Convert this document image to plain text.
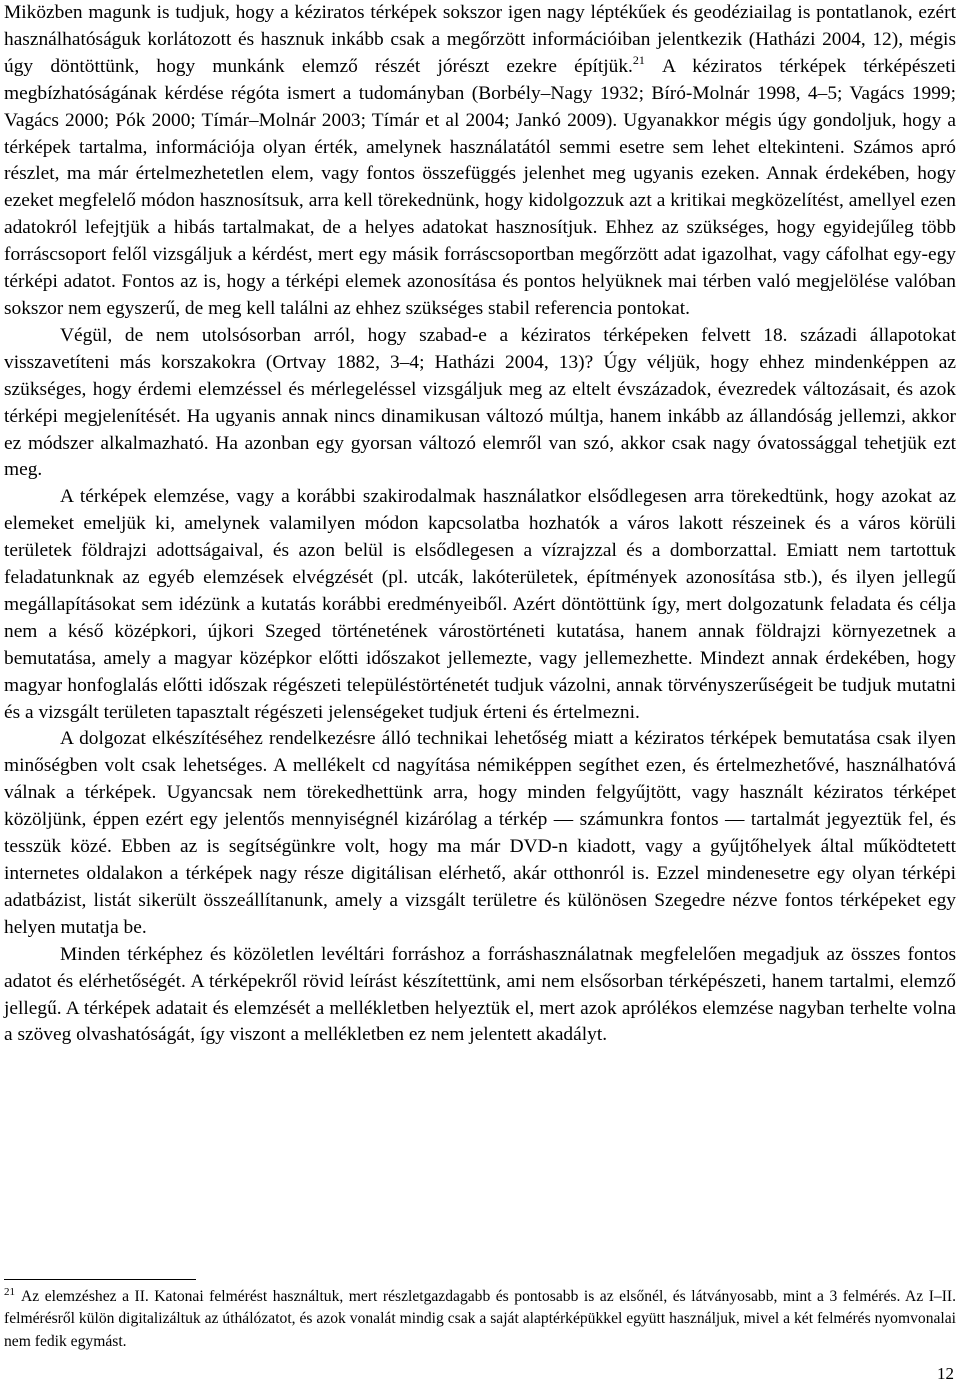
Miközben magunk is tudjuk, hogy a kéziratos térképek sokszor igen nagy léptékűek és geodéziailag is pontatlanok, ezért használhatóságuk korlátozott és hasznuk inkább csak a megőrzött információiban jelentkezik (Hatházi 2004, 12), mégis úgy döntöttünk, hogy munkánk elemző részét jórészt ezekre építjük.$^{21}$ A kéziratos térképek térképészeti megbízhatóságának kérdése régóta ismert a tudományban (Borbély–Nagy 1932; Bíró-Molnár 1998, 4–5; Vagács 1999; Vagács 2000; Pók 2000; Tímár–Molnár 2003; Tímár et al 2004; Jankó 2009). Ugyanakkor mégis úgy gondoljuk, hogy a térképek tartalma, információja olyan érték, amelynek használatától semmi esetre sem lehet eltekinteni. Számos apró részlet, ma már értelmezhetetlen elem, vagy fontos összefüggés jelenhet meg ugyanis ezeken. Annak érdekében, hogy ezeket megfelelő módon hasznosítsuk, arra kell törekednünk, hogy kidolgozzuk azt a kritikai megközelítést, amellyel ezen adatokról lefejtjük a hibás tartalmakat, de a helyes adatokat hasznosítjuk. Ehhez az szükséges, hogy egyidejűleg több forráscsoport felől vizsgáljuk a kérdést, mert egy másik forráscsoportban megőrzött adat igazolhat, vagy cáfolhat egy-egy térképi adatot. Fontos az is, hogy a térképi elemek azonosítása és pontos helyüknek mai térben való megjelölése valóban sokszor nem egyszerű, de meg kell találni az ehhez szükséges stabil referencia pontokat.

Végül, de nem utolsósorban arról, hogy szabad-e a kéziratos térképeken felvett 18. századi állapotokat visszavetíteni más korszakokra (Ortvay 1882, 3–4; Hatházi 2004, 13)? Úgy véljük, hogy ehhez mindenképpen az szükséges, hogy érdemi elemzéssel és mérlegeléssel vizsgáljuk meg az eltelt évszázadok, évezredek változásait, és azok térképi megjelenítését. Ha ugyanis annak nincs dinamikusan változó múltja, hanem inkább az állandóság jellemzi, akkor ez módszer alkalmazható. Ha azonban egy gyorsan változó elemről van szó, akkor csak nagy óvatossággal tehetjük ezt meg.

A térképek elemzése, vagy a korábbi szakirodalmak használatkor elsődlegesen arra törekedtünk, hogy azokat az elemeket emeljük ki, amelynek valamilyen módon kapcsolatba hozhatók a város lakott részeinek és a város körüli területek földrajzi adottságaival, és azon belül is elsődlegesen a vízrajzzal és a domborzattal. Emiatt nem tartottuk feladatunknak az egyéb elemzések elvégzését (pl. utcák, lakóterületek, építmények azonosítása stb.), és ilyen jellegű megállapításokat sem idézünk a kutatás korábbi eredményeiből. Azért döntöttünk így, mert dolgozatunk feladata és célja nem a késő középkori, újkori Szeged történetének várostörténeti kutatása, hanem annak földrajzi környezetnek a bemutatása, amely a magyar középkor előtti időszakot jellemezte, vagy jellemezhette. Mindezt annak érdekében, hogy magyar honfoglalás előtti időszak régészeti településtörténetét tudjuk vázolni, annak törvényszerűségeit be tudjuk mutatni és a vizsgált területen tapasztalt régészeti jelenségeket tudjuk érteni és értelmezni.

A dolgozat elkészítéséhez rendelkezésre álló technikai lehetőség miatt a kéziratos térképek bemutatása csak ilyen minőségben volt csak lehetséges. A mellékelt cd nagyítása némiképpen segíthet ezen, és értelmezhetővé, használhatóvá válnak a térképek. Ugyancsak nem törekedhettünk arra, hogy minden felgyűjtött, vagy használt kéziratos térképet közöljünk, éppen ezért egy jelentős mennyiségnél kizárólag a térkép — számunkra fontos — tartalmát jegyeztük fel, és tesszük közé. Ebben az is segítségünkre volt, hogy ma már DVD-n kiadott, vagy a gyűjtőhelyek által működtetett internetes oldalakon a térképek nagy része digitálisan elérhető, akár otthonról is. Ezzel mindenesetre egy olyan térképi adatbázist, listát sikerült összeállítanunk, amely a vizsgált területre és különösen Szegedre nézve fontos térképeket egy helyen mutatja be.

Minden térképhez és közöletlen levéltári forráshoz a forráshasználatnak megfelelően megadjuk az összes fontos adatot és elérhetőségét. A térképekről rövid leírást készítettünk, ami nem elsősorban térképészeti, hanem tartalmi, elemző jellegű. A térképek adatait és elemzését a mellékletben helyeztük el, mert azok aprólékos elemzése nagyban terhelte volna a szöveg olvashatóságát, így viszont a mellékletben ez nem jelentett akadályt.

$^{21}$ Az elemzéshez a II. Katonai felmérést használtuk, mert részletgazdagabb és pontosabb is az elsőnél, és látványosabb, mint a 3 felmérés. Az I–II. felmérésről külön digitalizáltuk az úthálózatot, és azok vonalát mindig csak a saját alaptérképükkel együtt használjuk, mivel a két felmérés nyomvonalai nem fedik egymást.

12
